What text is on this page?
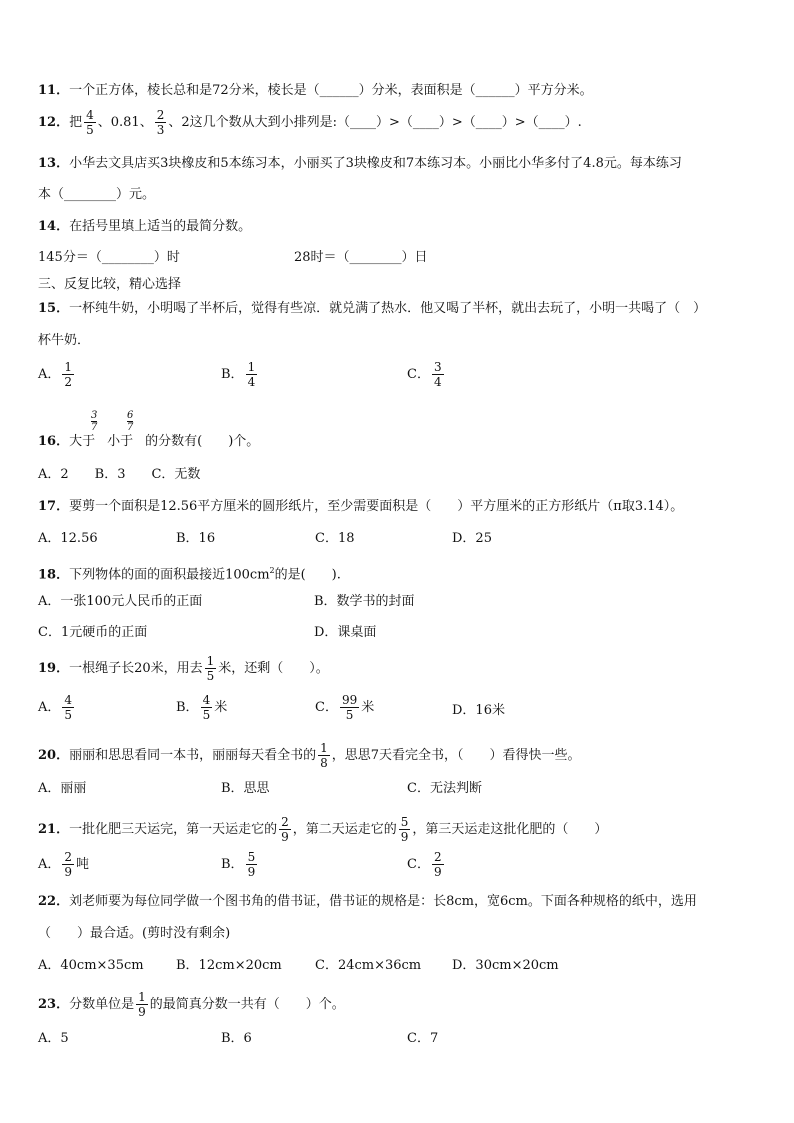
11．一个正方体，棱长总和是72分米，棱长是（______）分米，表面积是（______）平方分米。
12．把 $\frac{4}{5}$ 、0.81、 $\frac{2}{3}$ 、2这几个数从大到小排列是:（____）>（____）>（____）>（____）.
13．小华去文具店买3块橡皮和5本练习本，小丽买了3块橡皮和7本练习本。小丽比小华多付了4.8元。每本练习
本（________）元。
14．在括号里填上适当的最简分数。
145分＝（________）时	28时＝（________）日
三、反复比较，精心选择
15．一杯纯牛奶，小明喝了半杯后，觉得有些凉．就兑满了热水．他又喝了半杯，就出去玩了，小明一共喝了（　）
杯牛奶．
A． $\frac{1}{2}$	B． $\frac{1}{4}$	C． $\frac{3}{4}$
$\frac{3}{7}$	$\frac{6}{7}$
16．大于 小于 的分数有(　　)个。
A．2　　B．3　　C．无数
17．要剪一个面积是12.56平方厘米的圆形纸片，至少需要面积是（　　）平方厘米的正方形纸片（π取3.14）。
A．12.56	B．16	C．18	D．25
18．下列物体的面的面积最接近$100cm^2$的是(　　).
A．一张100元人民币的正面	B．数学书的封面
C．1元硬币的正面	D．课桌面
19．一根绳子长20米，用去 $\frac{1}{5}$ 米，还剩（　　）。
A． $\frac{4}{5}$	B． $\frac{4}{5}$ 米	C． $\frac{99}{5}$ 米	D．16米
20．丽丽和思思看同一本书，丽丽每天看全书的 $\frac{1}{8}$ ，思思7天看完全书，（　　）看得快一些。
A．丽丽	B．思思	C．无法判断
21．一批化肥三天运完，第一天运走它的 $\frac{2}{9}$ ，第二天运走它的 $\frac{5}{9}$ ，第三天运走这批化肥的（　　）
A． $\frac{2}{9}$ 吨	B． $\frac{5}{9}$	C． $\frac{2}{9}$
22．刘老师要为每位同学做一个图书角的借书证，借书证的规格是：长8cm，宽6cm。下面各种规格的纸中，选用
（　　）最合适。(剪时没有剩余)
A．40cm×35cm B．12cm×20cm	C．24cm×36cm D．30cm×20cm
23．分数单位是 $\frac{1}{9}$ 的最简真分数一共有（　　）个。
A．5	B．6	C．7
